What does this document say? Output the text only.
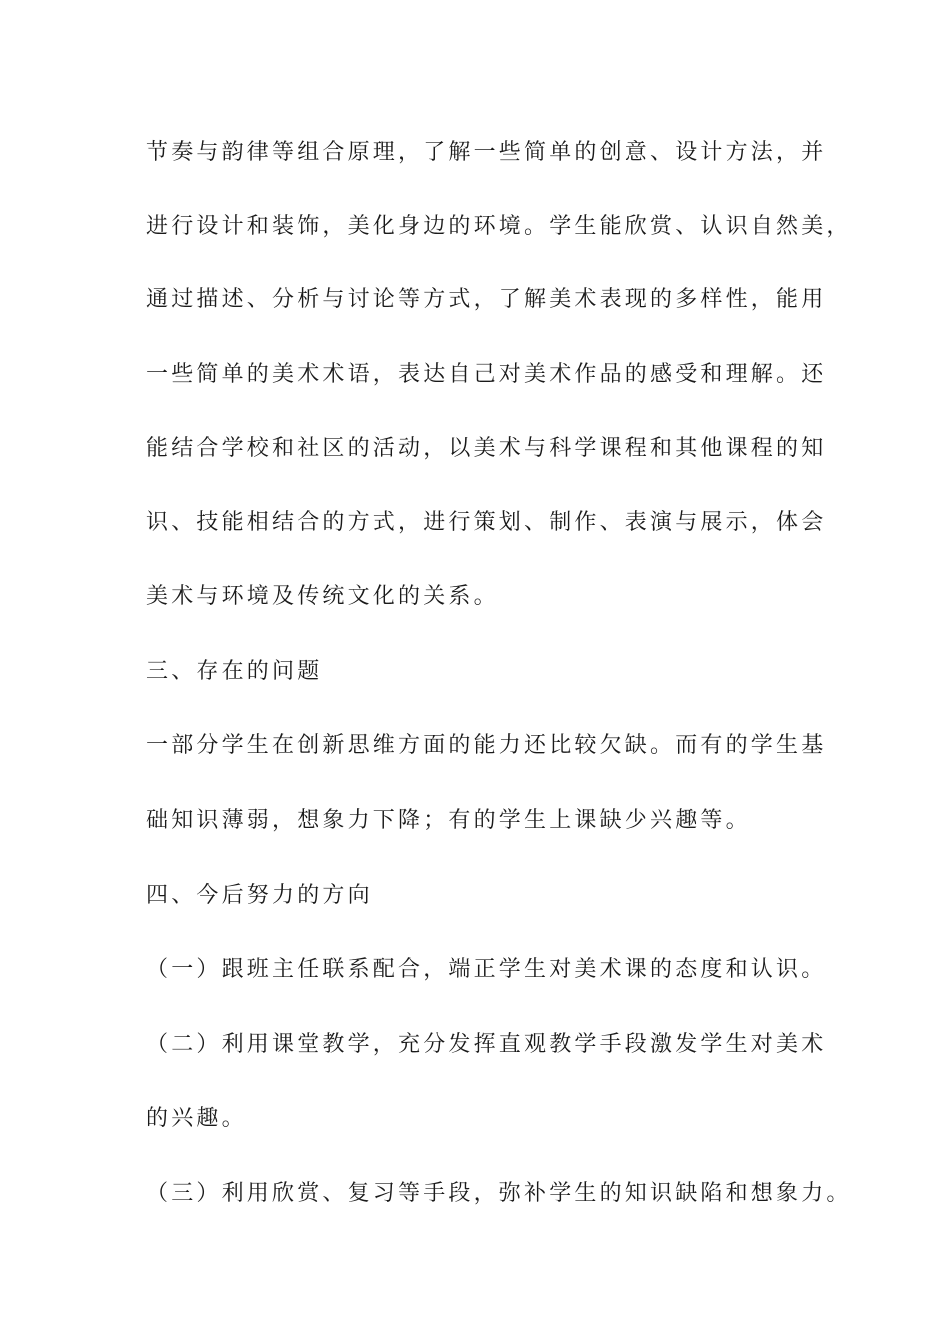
节奏与韵律等组合原理，了解一些简单的创意、设计方法，并
进行设计和装饰，美化身边的环境。学生能欣赏、认识自然美，
通过描述、分析与讨论等方式，了解美术表现的多样性，能用
一些简单的美术术语，表达自己对美术作品的感受和理解。还
能结合学校和社区的活动，以美术与科学课程和其他课程的知
识、技能相结合的方式，进行策划、制作、表演与展示，体会
美术与环境及传统文化的关系。
三、存在的问题
一部分学生在创新思维方面的能力还比较欠缺。而有的学生基
础知识薄弱，想象力下降；有的学生上课缺少兴趣等。
四、今后努力的方向
（一）跟班主任联系配合，端正学生对美术课的态度和认识。
（二）利用课堂教学，充分发挥直观教学手段激发学生对美术
的兴趣。
（三）利用欣赏、复习等手段，弥补学生的知识缺陷和想象力。
